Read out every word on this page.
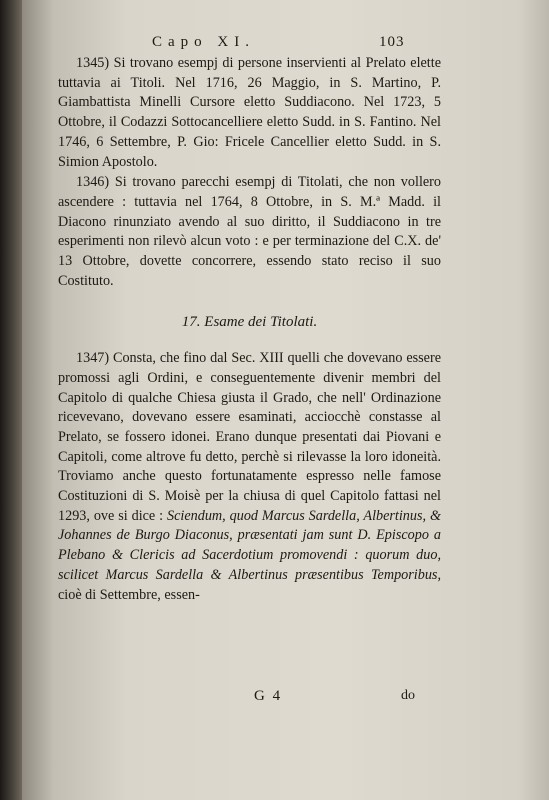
Capo XI.	103

1345) Si trovano esempj di persone inservienti al Prelato elette tuttavia ai Titoli. Nel 1716, 26 Maggio, in S. Martino, P. Giambattista Minelli Cursore eletto Suddiacono. Nel 1723, 5 Ottobre, il Codazzi Sottocancelliere eletto Sudd. in S. Fantino. Nel 1746, 6 Settembre, P. Gio: Fricele Cancellier eletto Sudd. in S. Simion Apostolo.

1346) Si trovano parecchi esempj di Titolati, che non vollero ascendere : tuttavia nel 1764, 8 Ottobre, in S. M.ª Madd. il Diacono rinunziato avendo al suo diritto, il Suddiacono in tre esperimenti non rilevò alcun voto : e per terminazione del C.X. de' 13 Ottobre, dovette concorrere, essendo stato reciso il suo Costituto.

17. Esame dei Titolati.

1347) Consta, che fino dal Sec. XIII quelli che dovevano essere promossi agli Ordini, e conseguentemente divenir membri del Capitolo di qualche Chiesa giusta il Grado, che nell' Ordinazione ricevevano, dovevano essere esaminati, acciocchè constasse al Prelato, se fossero idonei. Erano dunque presentati dai Piovani e Capitoli, come altrove fu detto, perchè si rilevasse la loro idoneità. Troviamo anche questo fortunatamente espresso nelle famose Costituzioni di S. Moisè per la chiusa di quel Capitolo fattasi nel 1293, ove si dice : Sciendum, quod Marcus Sardella, Albertinus, & Johannes de Burgo Diaconus, præsentati jam sunt D. Episcopo a Plebano & Clericis ad Sacerdotium promovendi : quorum duo, scilicet Marcus Sardella & Albertinus præsentibus Temporibus, cioè di Settembre, essen-

G 4	do
